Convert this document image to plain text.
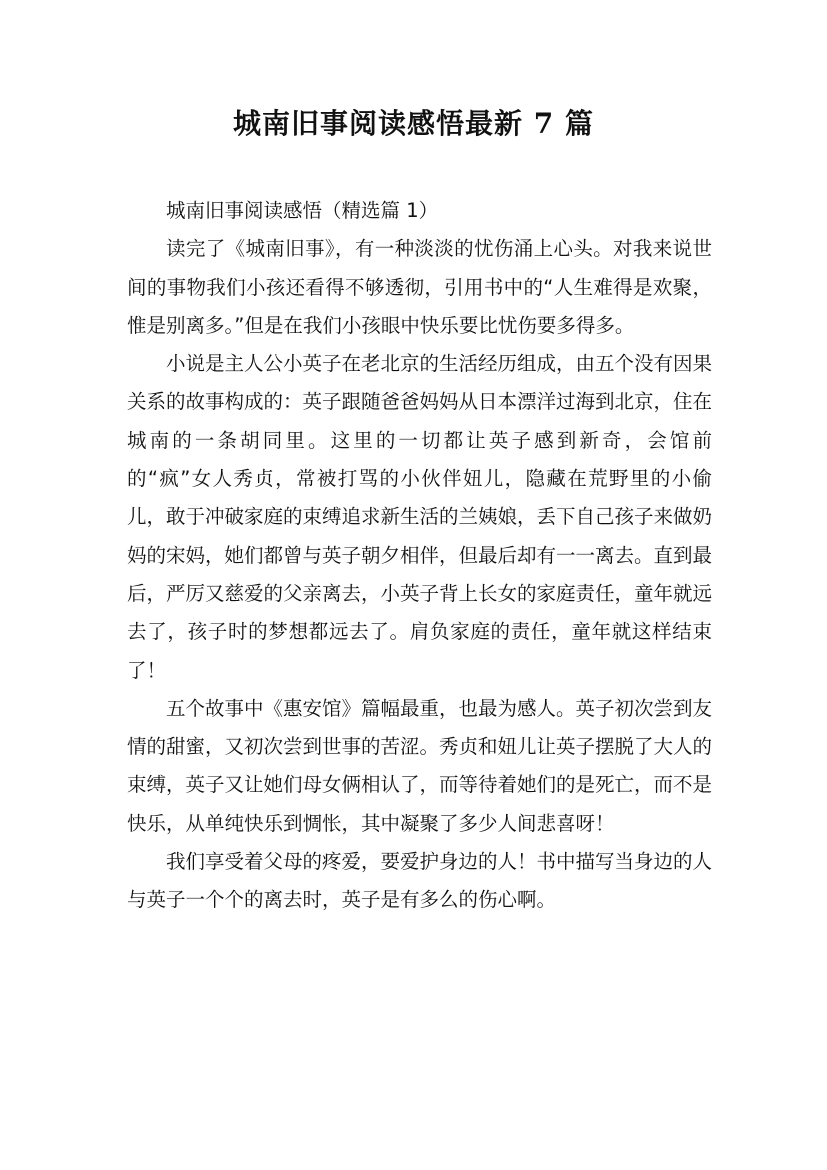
城南旧事阅读感悟最新 7 篇

城南旧事阅读感悟（精选篇 1）

读完了《城南旧事》，有一种淡淡的忧伤涌上心头。对我来说世间的事物我们小孩还看得不够透彻，引用书中的“人生难得是欢聚，惟是别离多。”但是在我们小孩眼中快乐要比忧伤要多得多。

小说是主人公小英子在老北京的生活经历组成，由五个没有因果关系的故事构成的：英子跟随爸爸妈妈从日本漂洋过海到北京，住在城南的一条胡同里。这里的一切都让英子感到新奇，会馆前的“疯”女人秀贞，常被打骂的小伙伴妞儿，隐藏在荒野里的小偷儿，敢于冲破家庭的束缚追求新生活的兰姨娘，丢下自己孩子来做奶妈的宋妈，她们都曾与英子朝夕相伴，但最后却有一一离去。直到最后，严厉又慈爱的父亲离去，小英子背上长女的家庭责任，童年就远去了，孩子时的梦想都远去了。肩负家庭的责任，童年就这样结束了！

五个故事中《惠安馆》篇幅最重，也最为感人。英子初次尝到友情的甜蜜，又初次尝到世事的苦涩。秀贞和妞儿让英子摆脱了大人的束缚，英子又让她们母女俩相认了，而等待着她们的是死亡，而不是快乐，从单纯快乐到惆怅，其中凝聚了多少人间悲喜呀！

我们享受着父母的疼爱，要爱护身边的人！书中描写当身边的人与英子一个个的离去时，英子是有多么的伤心啊。
